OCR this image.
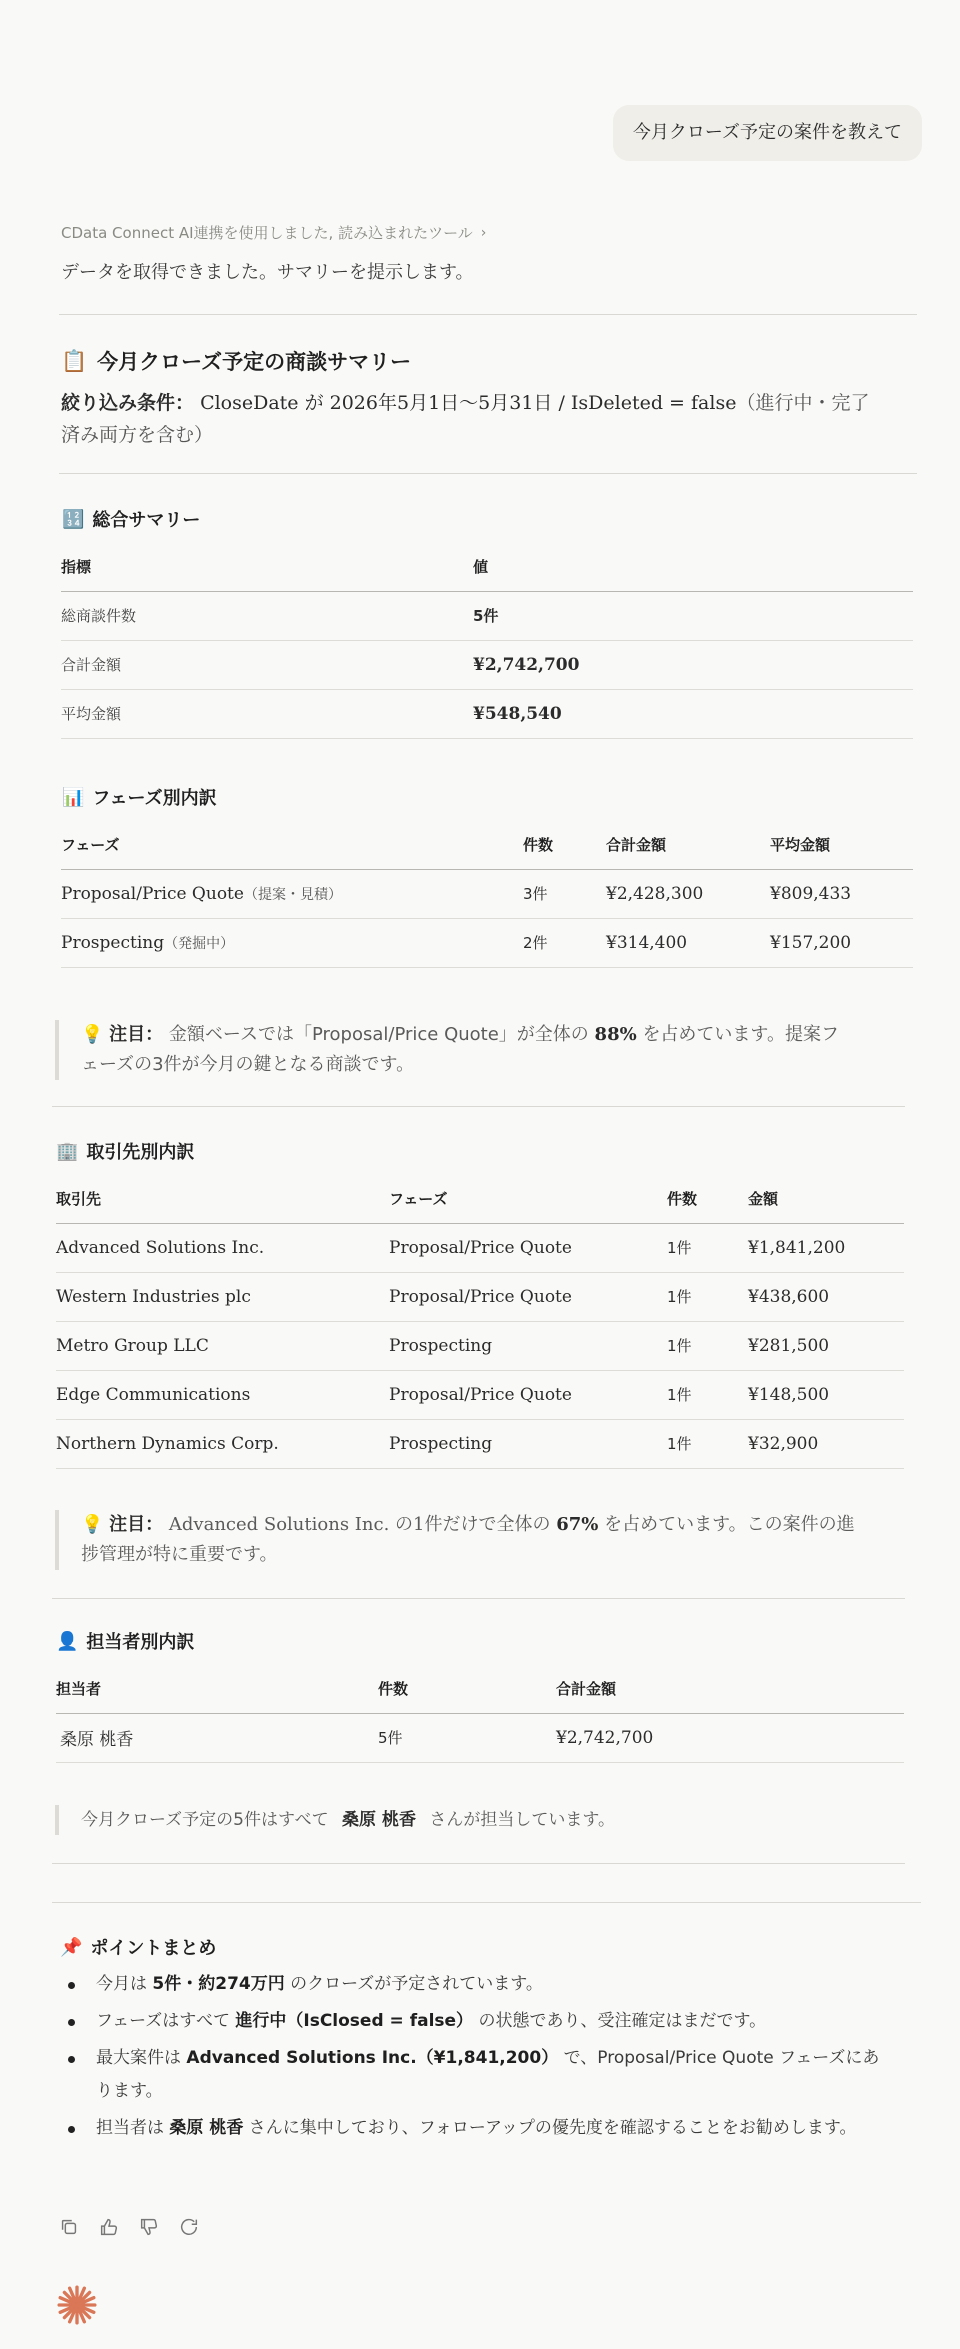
今月クローズ予定の案件を教えて
CData Connect AI連携を使用しました, 読み込まれたツール ›
データを取得できました。サマリーを提示します。
📋 今月クローズ予定の商談サマリー
絞り込み条件： CloseDate が 2026年5月1日〜5月31日 / IsDeleted = false（進行中・完了済み両方を含む）
🔢 総合サマリー
指標	値
総商談件数	5件
合計金額	¥2,742,700
平均金額	¥548,540
📊 フェーズ別内訳
フェーズ	件数	合計金額	平均金額
Proposal/Price Quote（提案・見積）	3件	¥2,428,300	¥809,433
Prospecting（発掘中）	2件	¥314,400	¥157,200
💡 注目： 金額ベースでは「Proposal/Price Quote」が全体の 88% を占めています。提案フェーズの3件が今月の鍵となる商談です。
🏢 取引先別内訳
取引先	フェーズ	件数	金額
Advanced Solutions Inc.	Proposal/Price Quote	1件	¥1,841,200
Western Industries plc	Proposal/Price Quote	1件	¥438,600
Metro Group LLC	Prospecting	1件	¥281,500
Edge Communications	Proposal/Price Quote	1件	¥148,500
Northern Dynamics Corp.	Prospecting	1件	¥32,900
💡 注目： Advanced Solutions Inc. の1件だけで全体の 67% を占めています。この案件の進捗管理が特に重要です。
👤 担当者別内訳
担当者	件数	合計金額
桑原 桃香	5件	¥2,742,700
今月クローズ予定の5件はすべて 桑原 桃香 さんが担当しています。
📌 ポイントまとめ
今月は 5件・約274万円 のクローズが予定されています。
フェーズはすべて 進行中（IsClosed = false） の状態であり、受注確定はまだです。
最大案件は Advanced Solutions Inc.（¥1,841,200） で、Proposal/Price Quote フェーズにあります。
担当者は 桑原 桃香 さんに集中しており、フォローアップの優先度を確認することをお勧めします。
